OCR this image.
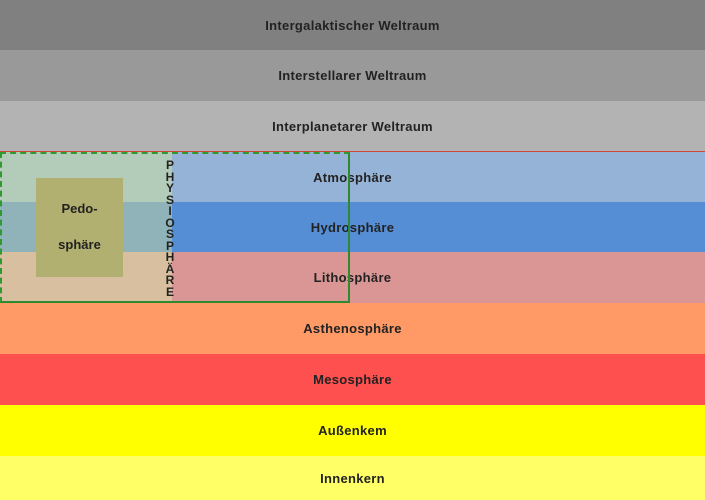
Intergalaktischer Weltraum
Interstellarer Weltraum
Interplanetarer Weltraum
Atmosphäre
Hydrosphäre
Lithosphäre
Asthenosphäre
Mesosphäre
Außenkem
Innenkern
Pedo-
sphäre
P
H
Y
S
I
O
S
P
H
Ä
R
E
